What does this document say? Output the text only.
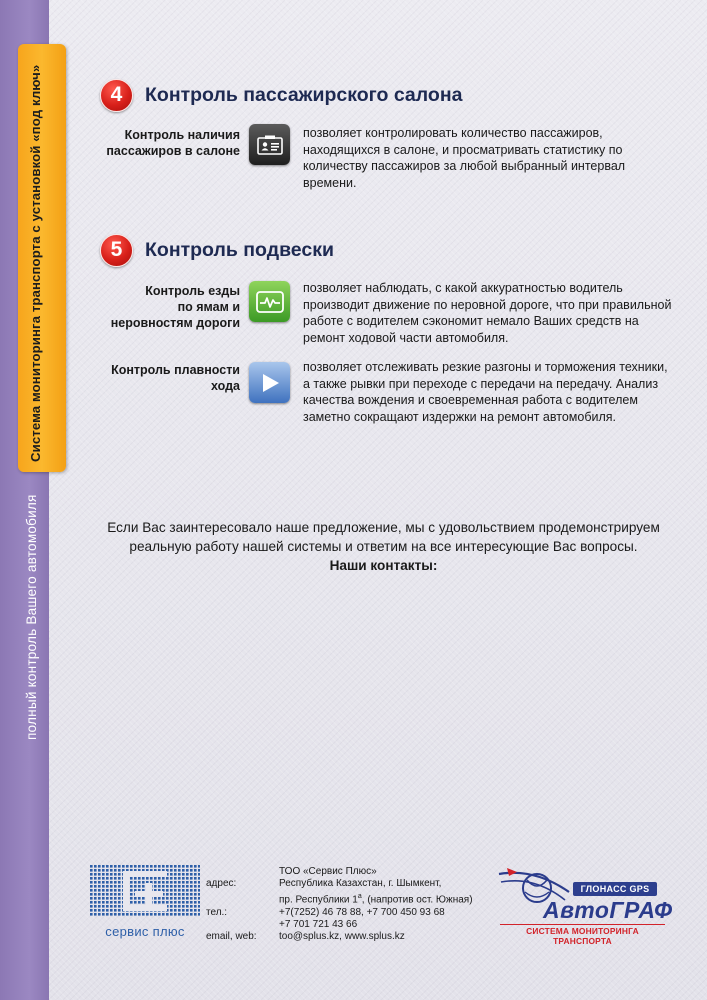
Система мониторинга транспорта с установкой «под ключ»
полный контроль Вашего автомобиля
4	Контроль пассажирского салона
Контроль наличия
пассажиров в салоне
позволяет контролировать количество пассажиров,
находящихся в салоне, и просматривать статистику по
количеству пассажиров за любой выбранный интервал
времени.
5	Контроль подвески
Контроль езды
по ямам и
неровностям дороги
позволяет наблюдать, с какой аккуратностью водитель
производит движение по неровной дороге, что при правильной
работе с водителем сэкономит немало Ваших средств на
ремонт ходовой части автомобиля.
Контроль плавности
хода
позволяет отслеживать резкие разгоны и торможения техники,
а также рывки при переходе с передачи на передачу. Анализ
качества вождения и своевременная работа с водителем
заметно сокращают издержки на ремонт автомобиля.
Если Вас заинтересовало наше предложение, мы с удовольствием продемонстрируем
реальную работу нашей системы и ответим на все интересующие Вас вопросы.
Наши контакты:
сервис плюс
ТОО «Сервис Плюс»
адрес:	Республика Казахстан, г. Шымкент,
пр. Республики $1^а$, (напротив ост. Южная)
тел.:	+7(7252) 46 78 88, +7 700 450 93 68
+7 701 721 43 66
email, web:	too@splus.kz, www.splus.kz
ГЛОНАСС GPS
АвтоГРАФ
СИСТЕМА МОНИТОРИНГА ТРАНСПОРТА
